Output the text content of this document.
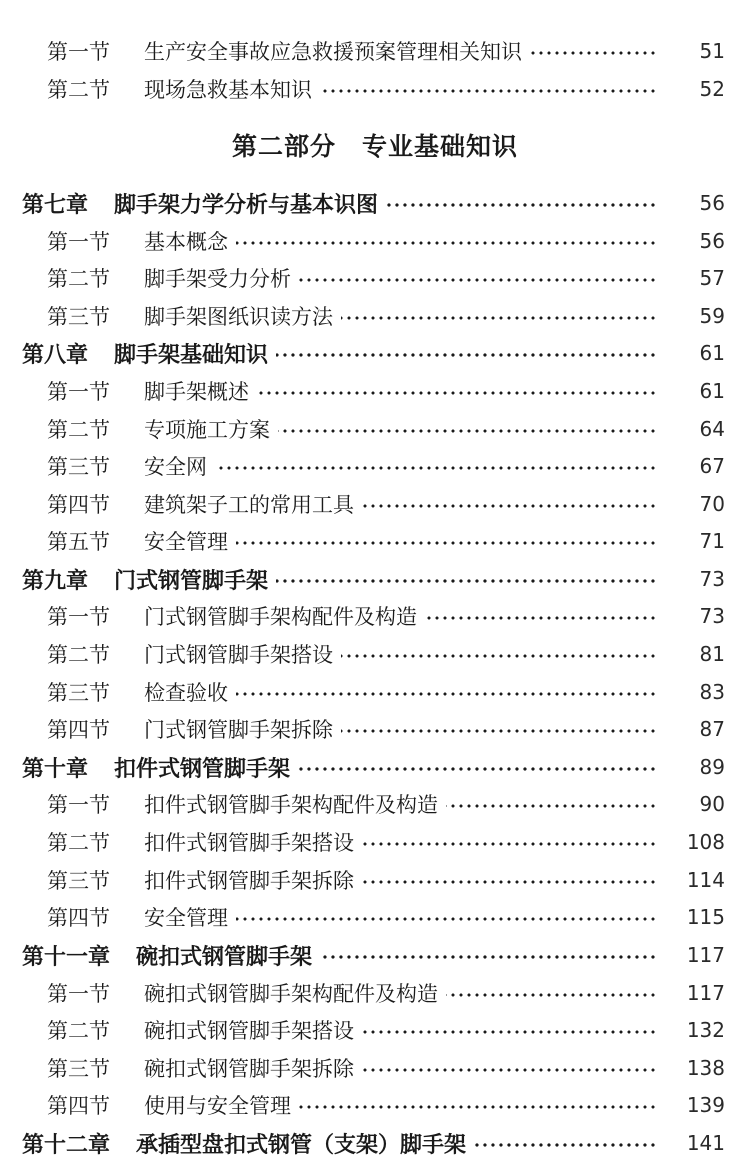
第一节	生产安全事故应急救援预案管理相关知识	51
第二节	现场急救基本知识	52
第二部分 专业基础知识
第七章 脚手架力学分析与基本识图	56
第一节	基本概念	56
第二节	脚手架受力分析	57
第三节	脚手架图纸识读方法	59
第八章 脚手架基础知识	61
第一节	脚手架概述	61
第二节	专项施工方案	64
第三节	安全网	67
第四节	建筑架子工的常用工具	70
第五节	安全管理	71
第九章 门式钢管脚手架	73
第一节	门式钢管脚手架构配件及构造	73
第二节	门式钢管脚手架搭设	81
第三节	检查验收	83
第四节	门式钢管脚手架拆除	87
第十章 扣件式钢管脚手架	89
第一节	扣件式钢管脚手架构配件及构造	90
第二节	扣件式钢管脚手架搭设	108
第三节	扣件式钢管脚手架拆除	114
第四节	安全管理	115
第十一章 碗扣式钢管脚手架	117
第一节	碗扣式钢管脚手架构配件及构造	117
第二节	碗扣式钢管脚手架搭设	132
第三节	碗扣式钢管脚手架拆除	138
第四节	使用与安全管理	139
第十二章 承插型盘扣式钢管（支架）脚手架	141
